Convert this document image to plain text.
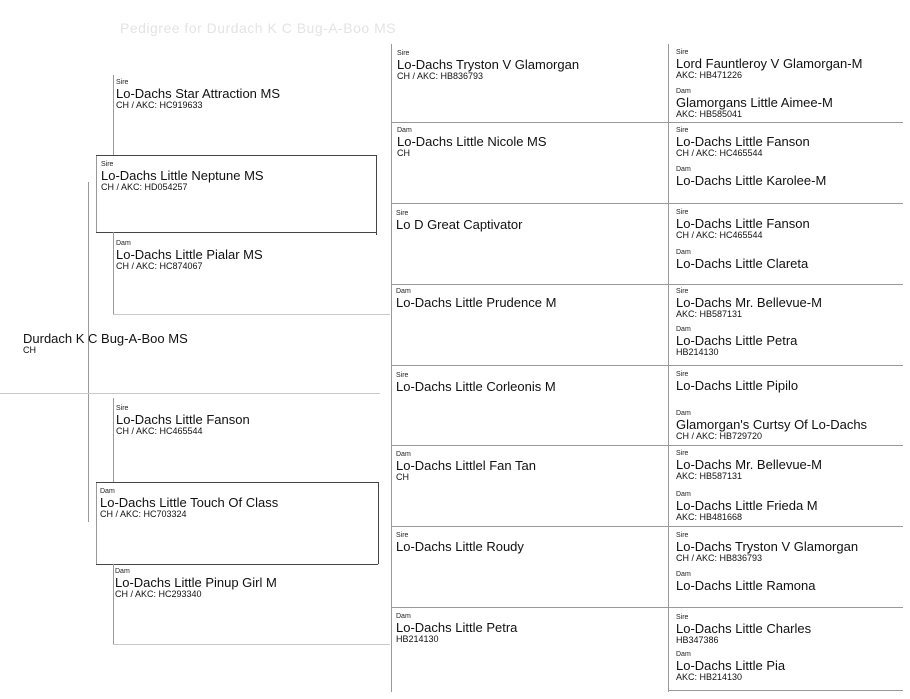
Pedigree for Durdach K C Bug-A-Boo MS
Durdach K C Bug-A-Boo MS
CH
Sire
Lo-Dachs Little Neptune MS
CH / AKC: HD054257
Dam
Lo-Dachs Little Touch Of Class
CH / AKC: HC703324
Sire
Lo-Dachs Star Attraction MS
CH / AKC: HC919633
Dam
Lo-Dachs Little Pialar MS
CH / AKC: HC874067
Sire
Lo-Dachs Little Fanson
CH / AKC: HC465544
Dam
Lo-Dachs Little Pinup Girl M
CH / AKC: HC293340
Sire
Lo-Dachs Tryston V Glamorgan
CH / AKC: HB836793
Dam
Lo-Dachs Little Nicole MS
CH
Sire
Lo D Great Captivator
Dam
Lo-Dachs Little Prudence M
Sire
Lo-Dachs Little Corleonis M
Dam
Lo-Dachs Littlel Fan Tan
CH
Sire
Lo-Dachs Little Roudy
Dam
Lo-Dachs Little Petra
HB214130
Sire
Lord Fauntleroy V Glamorgan-M
AKC: HB471226
Dam
Glamorgans Little Aimee-M
AKC: HB585041
Sire
Lo-Dachs Little Fanson
CH / AKC: HC465544
Dam
Lo-Dachs Little Karolee-M
Sire
Lo-Dachs Little Fanson
CH / AKC: HC465544
Dam
Lo-Dachs Little Clareta
Sire
Lo-Dachs Mr. Bellevue-M
AKC: HB587131
Dam
Lo-Dachs Little Petra
HB214130
Sire
Lo-Dachs Little Pipilo
Dam
Glamorgan's Curtsy Of Lo-Dachs
CH / AKC: HB729720
Sire
Lo-Dachs Mr. Bellevue-M
AKC: HB587131
Dam
Lo-Dachs Little Frieda M
AKC: HB481668
Sire
Lo-Dachs Tryston V Glamorgan
CH / AKC: HB836793
Dam
Lo-Dachs Little Ramona
Sire
Lo-Dachs Little Charles
HB347386
Dam
Lo-Dachs Little Pia
AKC: HB214130
